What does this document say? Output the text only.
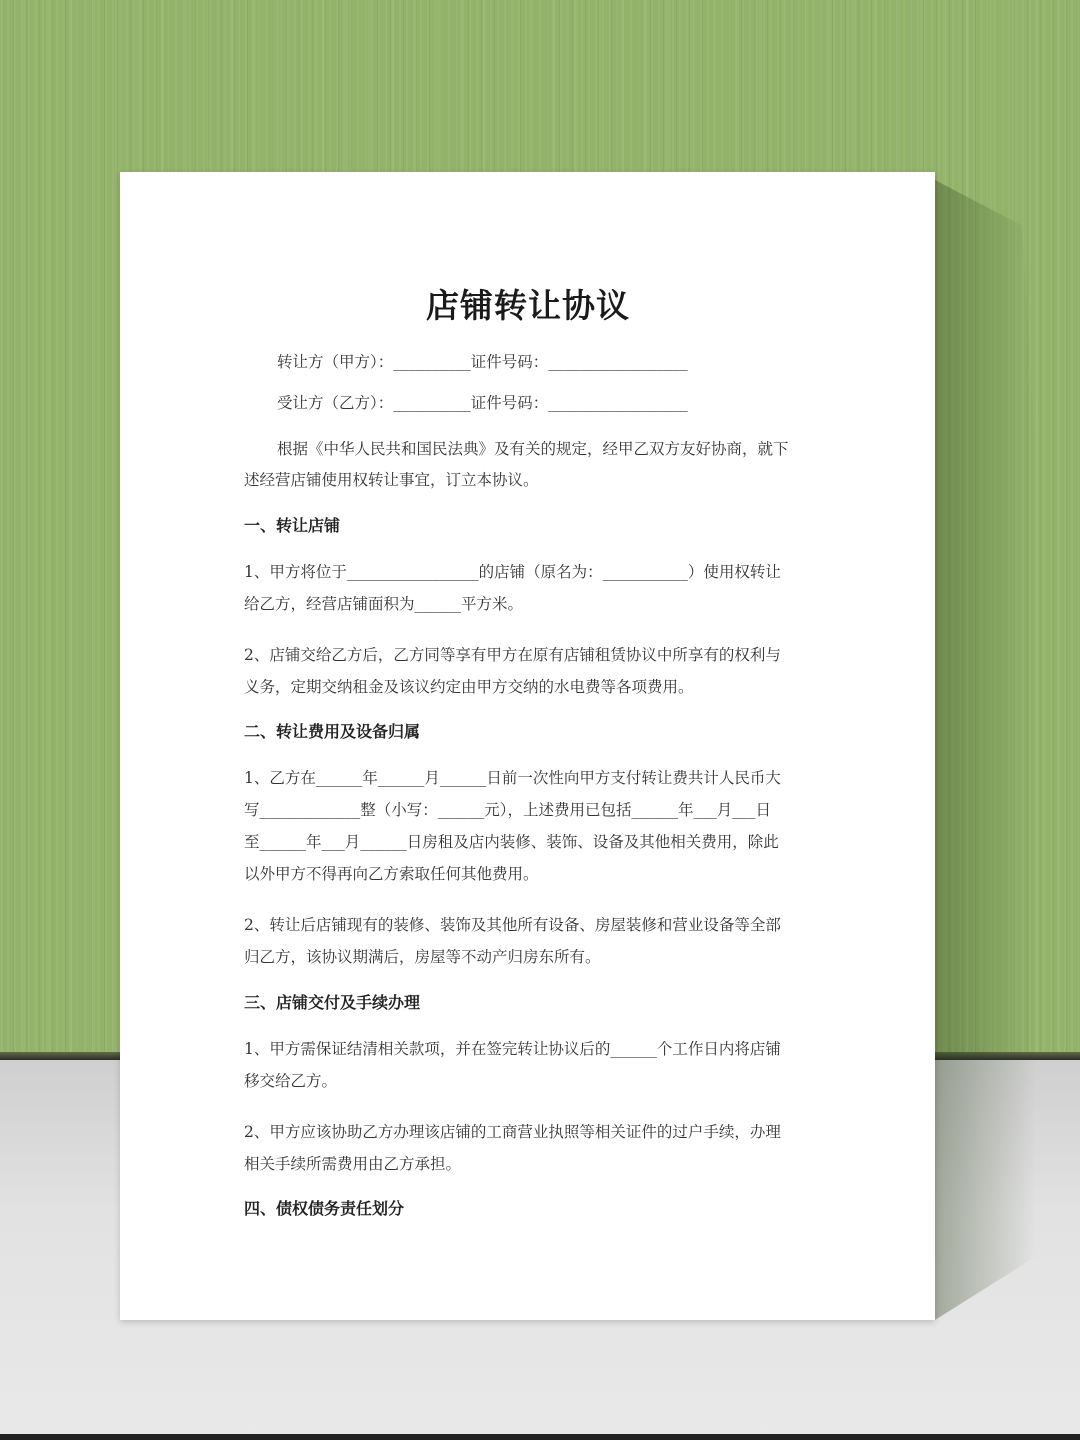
店铺转让协议
转让方（甲方）：__________证件号码：__________________
受让方（乙方）：__________证件号码：__________________
根据《中华人民共和国民法典》及有关的规定，经甲乙双方友好协商，就下
述经营店铺使用权转让事宜，订立本协议。
一、转让店铺
1、甲方将位于_________________的店铺（原名为：___________）使用权转让
给乙方，经营店铺面积为______平方米。
2、店铺交给乙方后，乙方同等享有甲方在原有店铺租赁协议中所享有的权利与
义务，定期交纳租金及该议约定由甲方交纳的水电费等各项费用。
二、转让费用及设备归属
1、乙方在______年______月______日前一次性向甲方支付转让费共计人民币大
写_____________整（小写：______元），上述费用已包括______年___月___日
至______年___月______日房租及店内装修、装饰、设备及其他相关费用，除此
以外甲方不得再向乙方索取任何其他费用。
2、转让后店铺现有的装修、装饰及其他所有设备、房屋装修和营业设备等全部
归乙方，该协议期满后，房屋等不动产归房东所有。
三、店铺交付及手续办理
1、甲方需保证结清相关款项，并在签完转让协议后的______个工作日内将店铺
移交给乙方。
2、甲方应该协助乙方办理该店铺的工商营业执照等相关证件的过户手续，办理
相关手续所需费用由乙方承担。
四、债权债务责任划分
